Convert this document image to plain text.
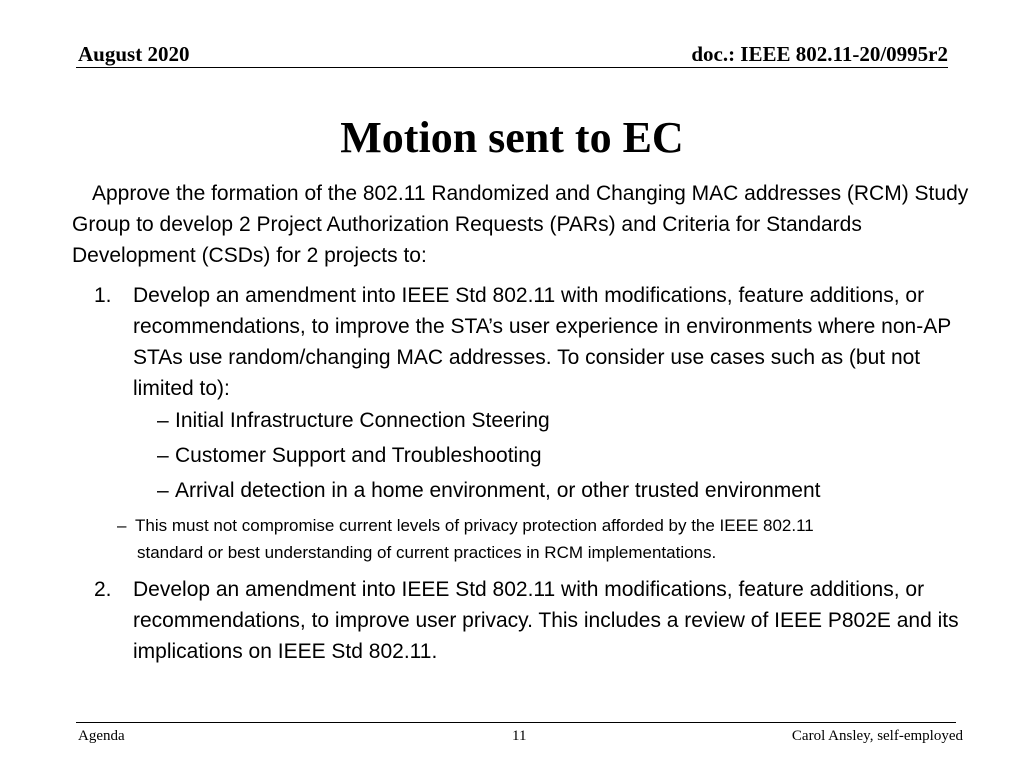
August 2020	doc.: IEEE 802.11-20/0995r2
Motion sent to EC
Approve the formation of the 802.11 Randomized and Changing MAC addresses (RCM) Study Group to develop 2 Project Authorization Requests (PARs) and Criteria for Standards Development (CSDs) for 2 projects to:
1. Develop an amendment into IEEE Std 802.11 with modifications, feature additions, or recommendations, to improve the STA’s user experience in environments where non-AP STAs use random/changing MAC addresses. To consider use cases such as (but not limited to):
– Initial Infrastructure Connection Steering
– Customer Support and Troubleshooting
– Arrival detection in a home environment, or other trusted environment
– This must not compromise current levels of privacy protection afforded by the IEEE 802.11
standard or best understanding of current practices in RCM implementations.
2. Develop an amendment into IEEE Std 802.11 with modifications, feature additions, or recommendations, to improve user privacy. This includes a review of IEEE P802E and its implications on IEEE Std 802.11.
Agenda	11	Carol Ansley, self-employed
